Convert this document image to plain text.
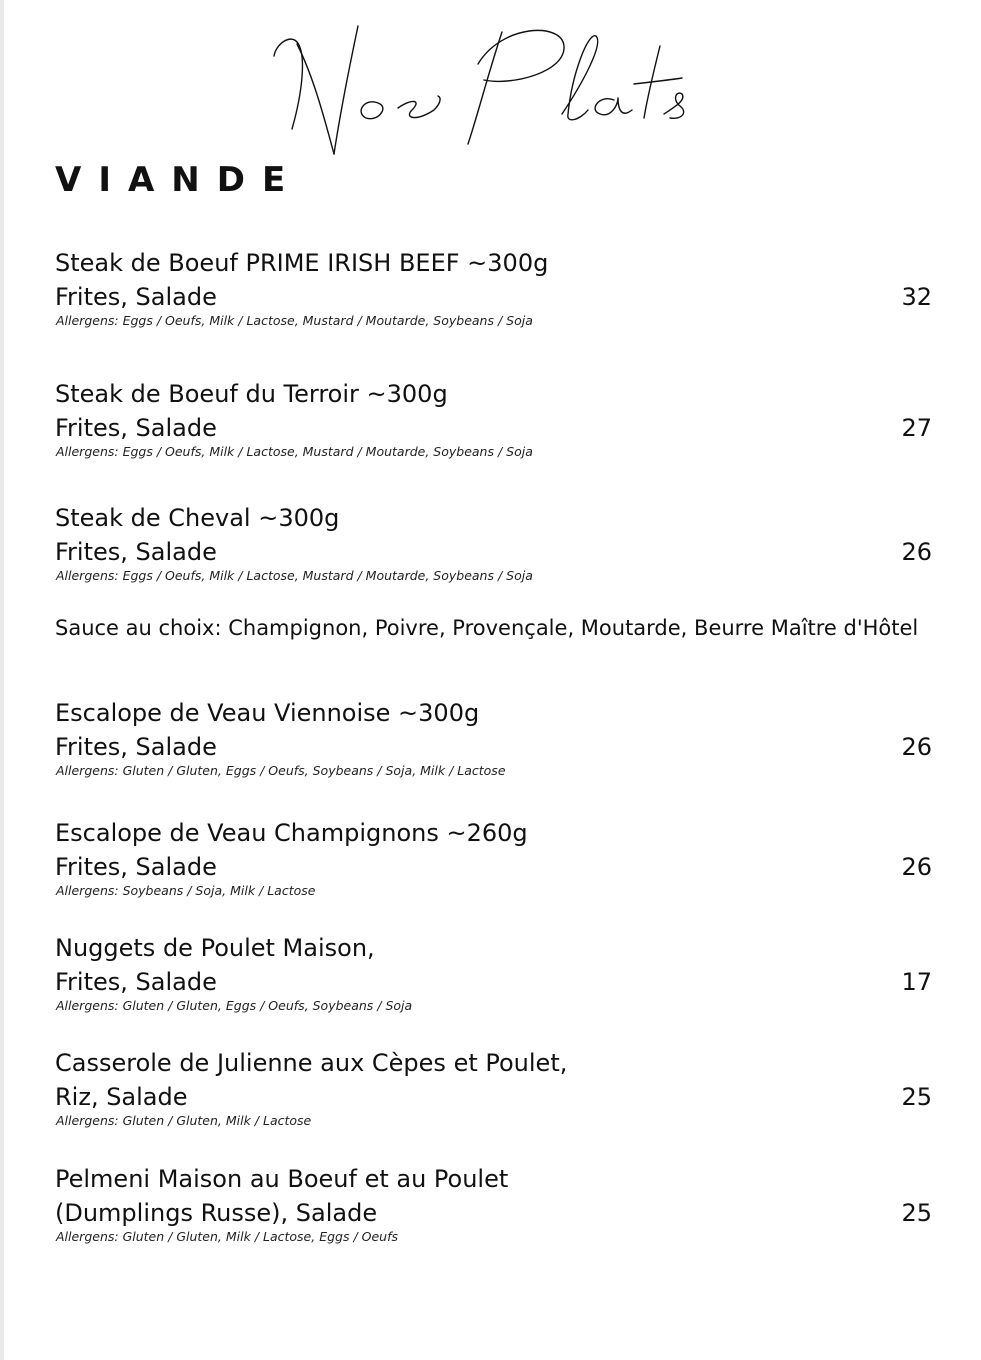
VIANDE
Steak de Boeuf PRIME IRISH BEEF ~300g
Frites, Salade	32
Allergens: Eggs / Oeufs, Milk / Lactose, Mustard / Moutarde, Soybeans / Soja
Steak de Boeuf du Terroir ~300g
Frites, Salade	27
Allergens: Eggs / Oeufs, Milk / Lactose, Mustard / Moutarde, Soybeans / Soja
Steak de Cheval ~300g
Frites, Salade	26
Allergens: Eggs / Oeufs, Milk / Lactose, Mustard / Moutarde, Soybeans / Soja
Sauce au choix: Champignon, Poivre, Provençale, Moutarde, Beurre Maître d'Hôtel
Escalope de Veau Viennoise ~300g
Frites, Salade	26
Allergens: Gluten / Gluten, Eggs / Oeufs, Soybeans / Soja, Milk / Lactose
Escalope de Veau Champignons ~260g
Frites, Salade	26
Allergens: Soybeans / Soja, Milk / Lactose
Nuggets de Poulet Maison,
Frites, Salade	17
Allergens: Gluten / Gluten, Eggs / Oeufs, Soybeans / Soja
Casserole de Julienne aux Cèpes et Poulet,
Riz, Salade	25
Allergens: Gluten / Gluten, Milk / Lactose
Pelmeni Maison au Boeuf et au Poulet
(Dumplings Russe), Salade	25
Allergens: Gluten / Gluten, Milk / Lactose, Eggs / Oeufs
